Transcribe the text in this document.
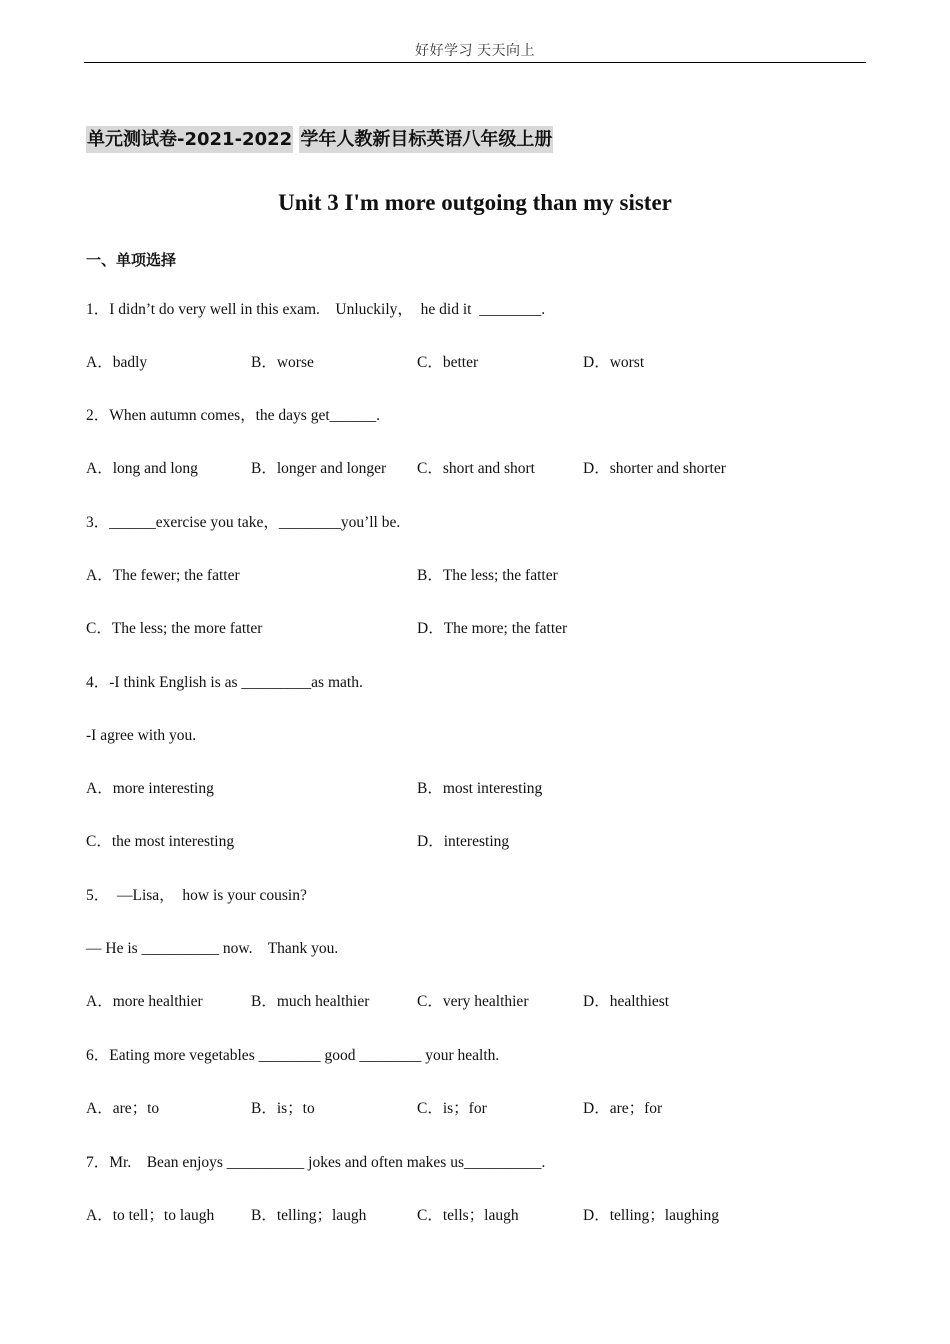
好好学习 天天向上
单元测试卷-2021-2022 学年人教新目标英语八年级上册
Unit 3 I'm more outgoing than my sister
一、单项选择
1．I didn’t do very well in this exam.    Unluckily，  he did it  ________.
A．badly	B．worse	C．better	D．worst
2．When autumn comes，the days get______.
A．long and long	B．longer and longer C．short and short	D．shorter and shorter
3．______exercise you take，________you’ll be.
A．The fewer; the fatter	B．The less; the fatter
C．The less; the more fatter	D．The more; the fatter
4．-I think English is as _________as math.
-I agree with you.
A．more interesting	B．most interesting
C．the most interesting	D．interesting
5．  —Lisa，  how is your cousin?
— He is __________ now.    Thank you.
A．more healthier	B．much healthier	C．very healthier	D．healthiest
6．Eating more vegetables ________ good ________ your health.
A．are；to	B．is；to	C．is；for	D．are；for
7．Mr.    Bean enjoys __________ jokes and often makes us__________.
A．to tell；to laugh B．telling；laugh	C．tells；laugh	D．telling；laughing
